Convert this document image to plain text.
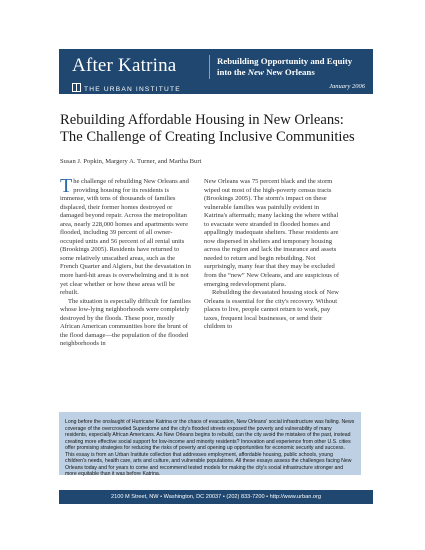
After Katrina	Rebuilding Opportunity and Equity
into the New New Orleans
THE URBAN INSTITUTE	January 2006
Rebuilding Affordable Housing in New Orleans:
The Challenge of Creating Inclusive Communities
Susan J. Popkin, Margery A. Turner, and Martha Burt

The challenge of rebuilding New Orleans and providing housing for its residents is immense, with tens of thousands of families displaced, their former homes destroyed or damaged beyond repair. Across the metropolitan area, nearly 228,000 homes and apartments were flooded, including 39 percent of all owner-occupied units and 56 percent of all rental units (Brookings 2005). Residents have returned to some relatively unscathed areas, such as the French Quarter and Algiers, but the devastation in more hard-hit areas is overwhelming and it is not yet clear whether or how these areas will be rebuilt.

The situation is especially difficult for families whose low-lying neighborhoods were completely destroyed by the floods. These poor, mostly African American communities bore the brunt of the flood damage—the population of the flooded neighborhoods in

New Orleans was 75 percent black and the storm wiped out most of the high-poverty census tracts (Brookings 2005). The storm's impact on these vulnerable families was painfully evident in Katrina's aftermath; many lacking the where withal to evacuate were stranded in flooded homes and appallingly inadequate shelters. These residents are now dispersed in shelters and temporary housing across the region and lack the insurance and assets needed to return and begin rebuilding. Not surprisingly, many fear that they may be excluded from the “new” New Orleans, and are suspicious of emerging redevelopment plans.

Rebuilding the devastated housing stock of New Orleans is essential for the city's recovery. Without places to live, people cannot return to work, pay taxes, frequent local businesses, or send their children to

Long before the onslaught of Hurricane Katrina or the chaos of evacuation, New Orleans' social infrastructure was failing. News coverage of the overcrowded Superdome and the city's flooded streets exposed the poverty and vulnerability of many residents, especially African Americans. As New Orleans begins to rebuild, can the city avoid the mistakes of the past, instead creating more effective social support for low-income and minority residents? Innovation and experience from other U.S. cities offer promising strategies for reducing the risks of poverty and opening up opportunities for economic security and success. This essay is from an Urban Institute collection that addresses employment, affordable housing, public schools, young children's needs, health care, arts and culture, and vulnerable populations. All these essays assess the challenges facing New Orleans today and for years to come and recommend tested models for making the city's social infrastructure stronger and more equitable than it was before Katrina.
2100 M Street, NW • Washington, DC 20037 • (202) 833-7200 • http://www.urban.org
